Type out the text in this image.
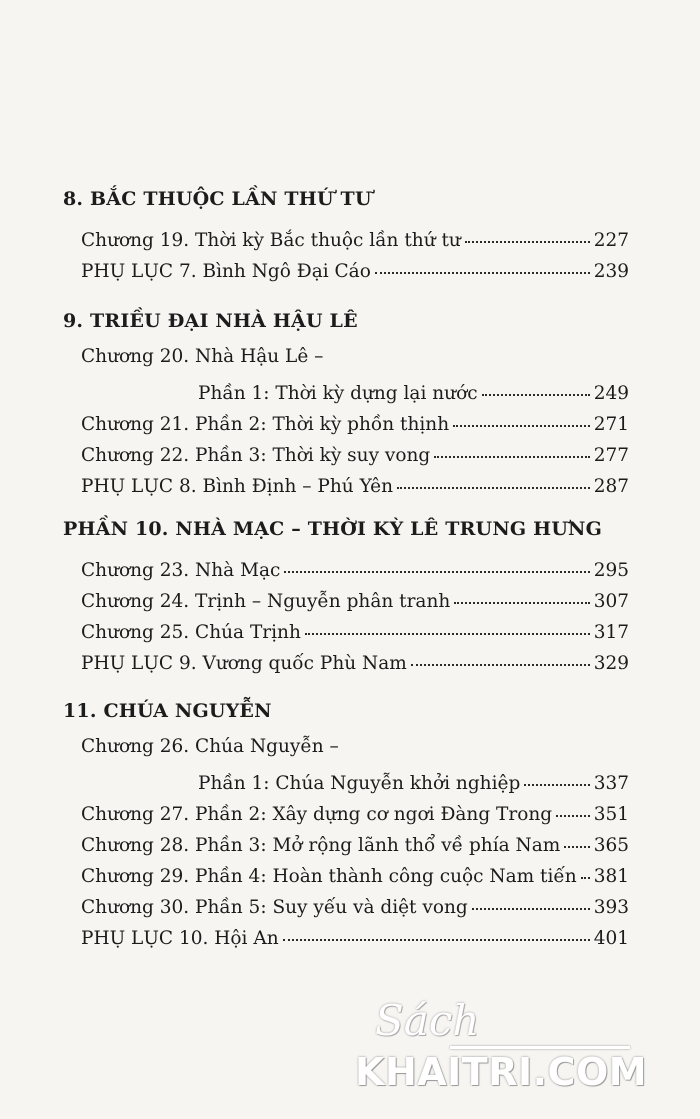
8. BẮC THUỘC LẦN THỨ TƯ
Chương 19. Thời kỳ Bắc thuộc lần thứ tư	227
PHỤ LỤC 7. Bình Ngô Đại Cáo	239
9. TRIỀU ĐẠI NHÀ HẬU LÊ
Chương 20. Nhà Hậu Lê –
Phần 1: Thời kỳ dựng lại nước	249
Chương 21. Phần 2: Thời kỳ phồn thịnh	271
Chương 22. Phần 3: Thời kỳ suy vong	277
PHỤ LỤC 8. Bình Định – Phú Yên	287
PHẦN 10. NHÀ MẠC – THỜI KỲ LÊ TRUNG HƯNG
Chương 23. Nhà Mạc	295
Chương 24. Trịnh – Nguyễn phân tranh	307
Chương 25. Chúa Trịnh	317
PHỤ LỤC 9. Vương quốc Phù Nam	329
11. CHÚA NGUYỄN
Chương 26. Chúa Nguyễn –
Phần 1: Chúa Nguyễn khởi nghiệp	337
Chương 27. Phần 2: Xây dựng cơ ngơi Đàng Trong 351
Chương 28. Phần 3: Mở rộng lãnh thổ về phía Nam 365
Chương 29. Phần 4: Hoàn thành công cuộc Nam tiến 381
Chương 30. Phần 5: Suy yếu và diệt vong	393
PHỤ LỤC 10. Hội An	401
Sách
KHAITRI.COM
